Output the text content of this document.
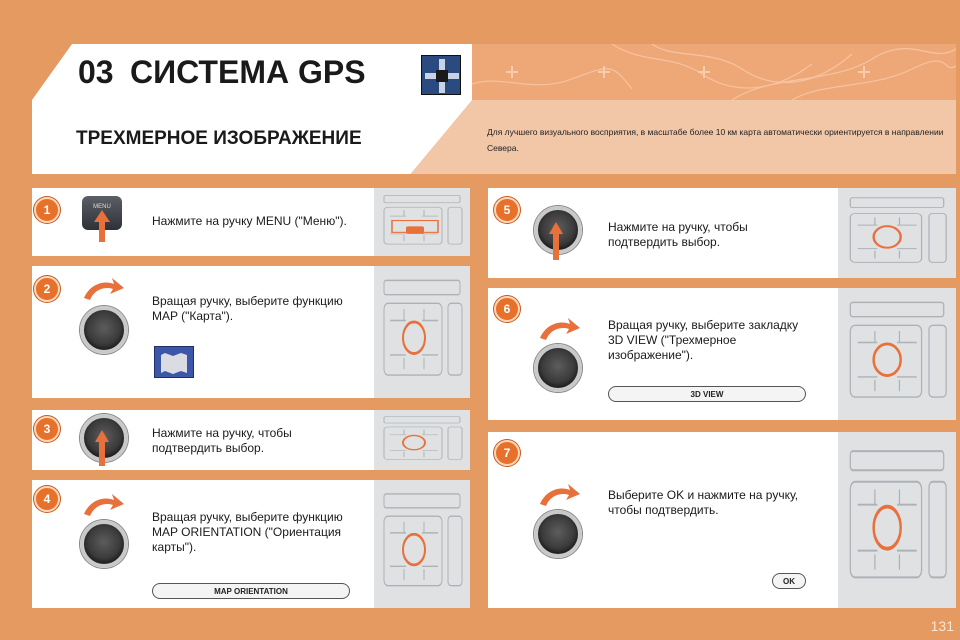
03 СИСТЕМА GPS
ТРЕХМЕРНОЕ ИЗОБРАЖЕНИЕ	Для лучшего визуального восприятия, в масштабе более 10 км карта автоматически ориентируется в направлении Севера.
1	MENU
Нажмите на ручку MENU ("Меню").
2
Вращая ручку, выберите функцию MAP ("Карта").
3	Нажмите на ручку, чтобы подтвердить выбор.
4
Вращая ручку, выберите функцию MAP ORIENTATION ("Ориентация карты").
MAP ORIENTATION
5
Нажмите на ручку, чтобы подтвердить выбор.
6
Вращая ручку, выберите закладку 3D VIEW ("Трехмерное изображение").
3D VIEW
7
Выберите OK и нажмите на ручку, чтобы подтвердить.
OK
131
